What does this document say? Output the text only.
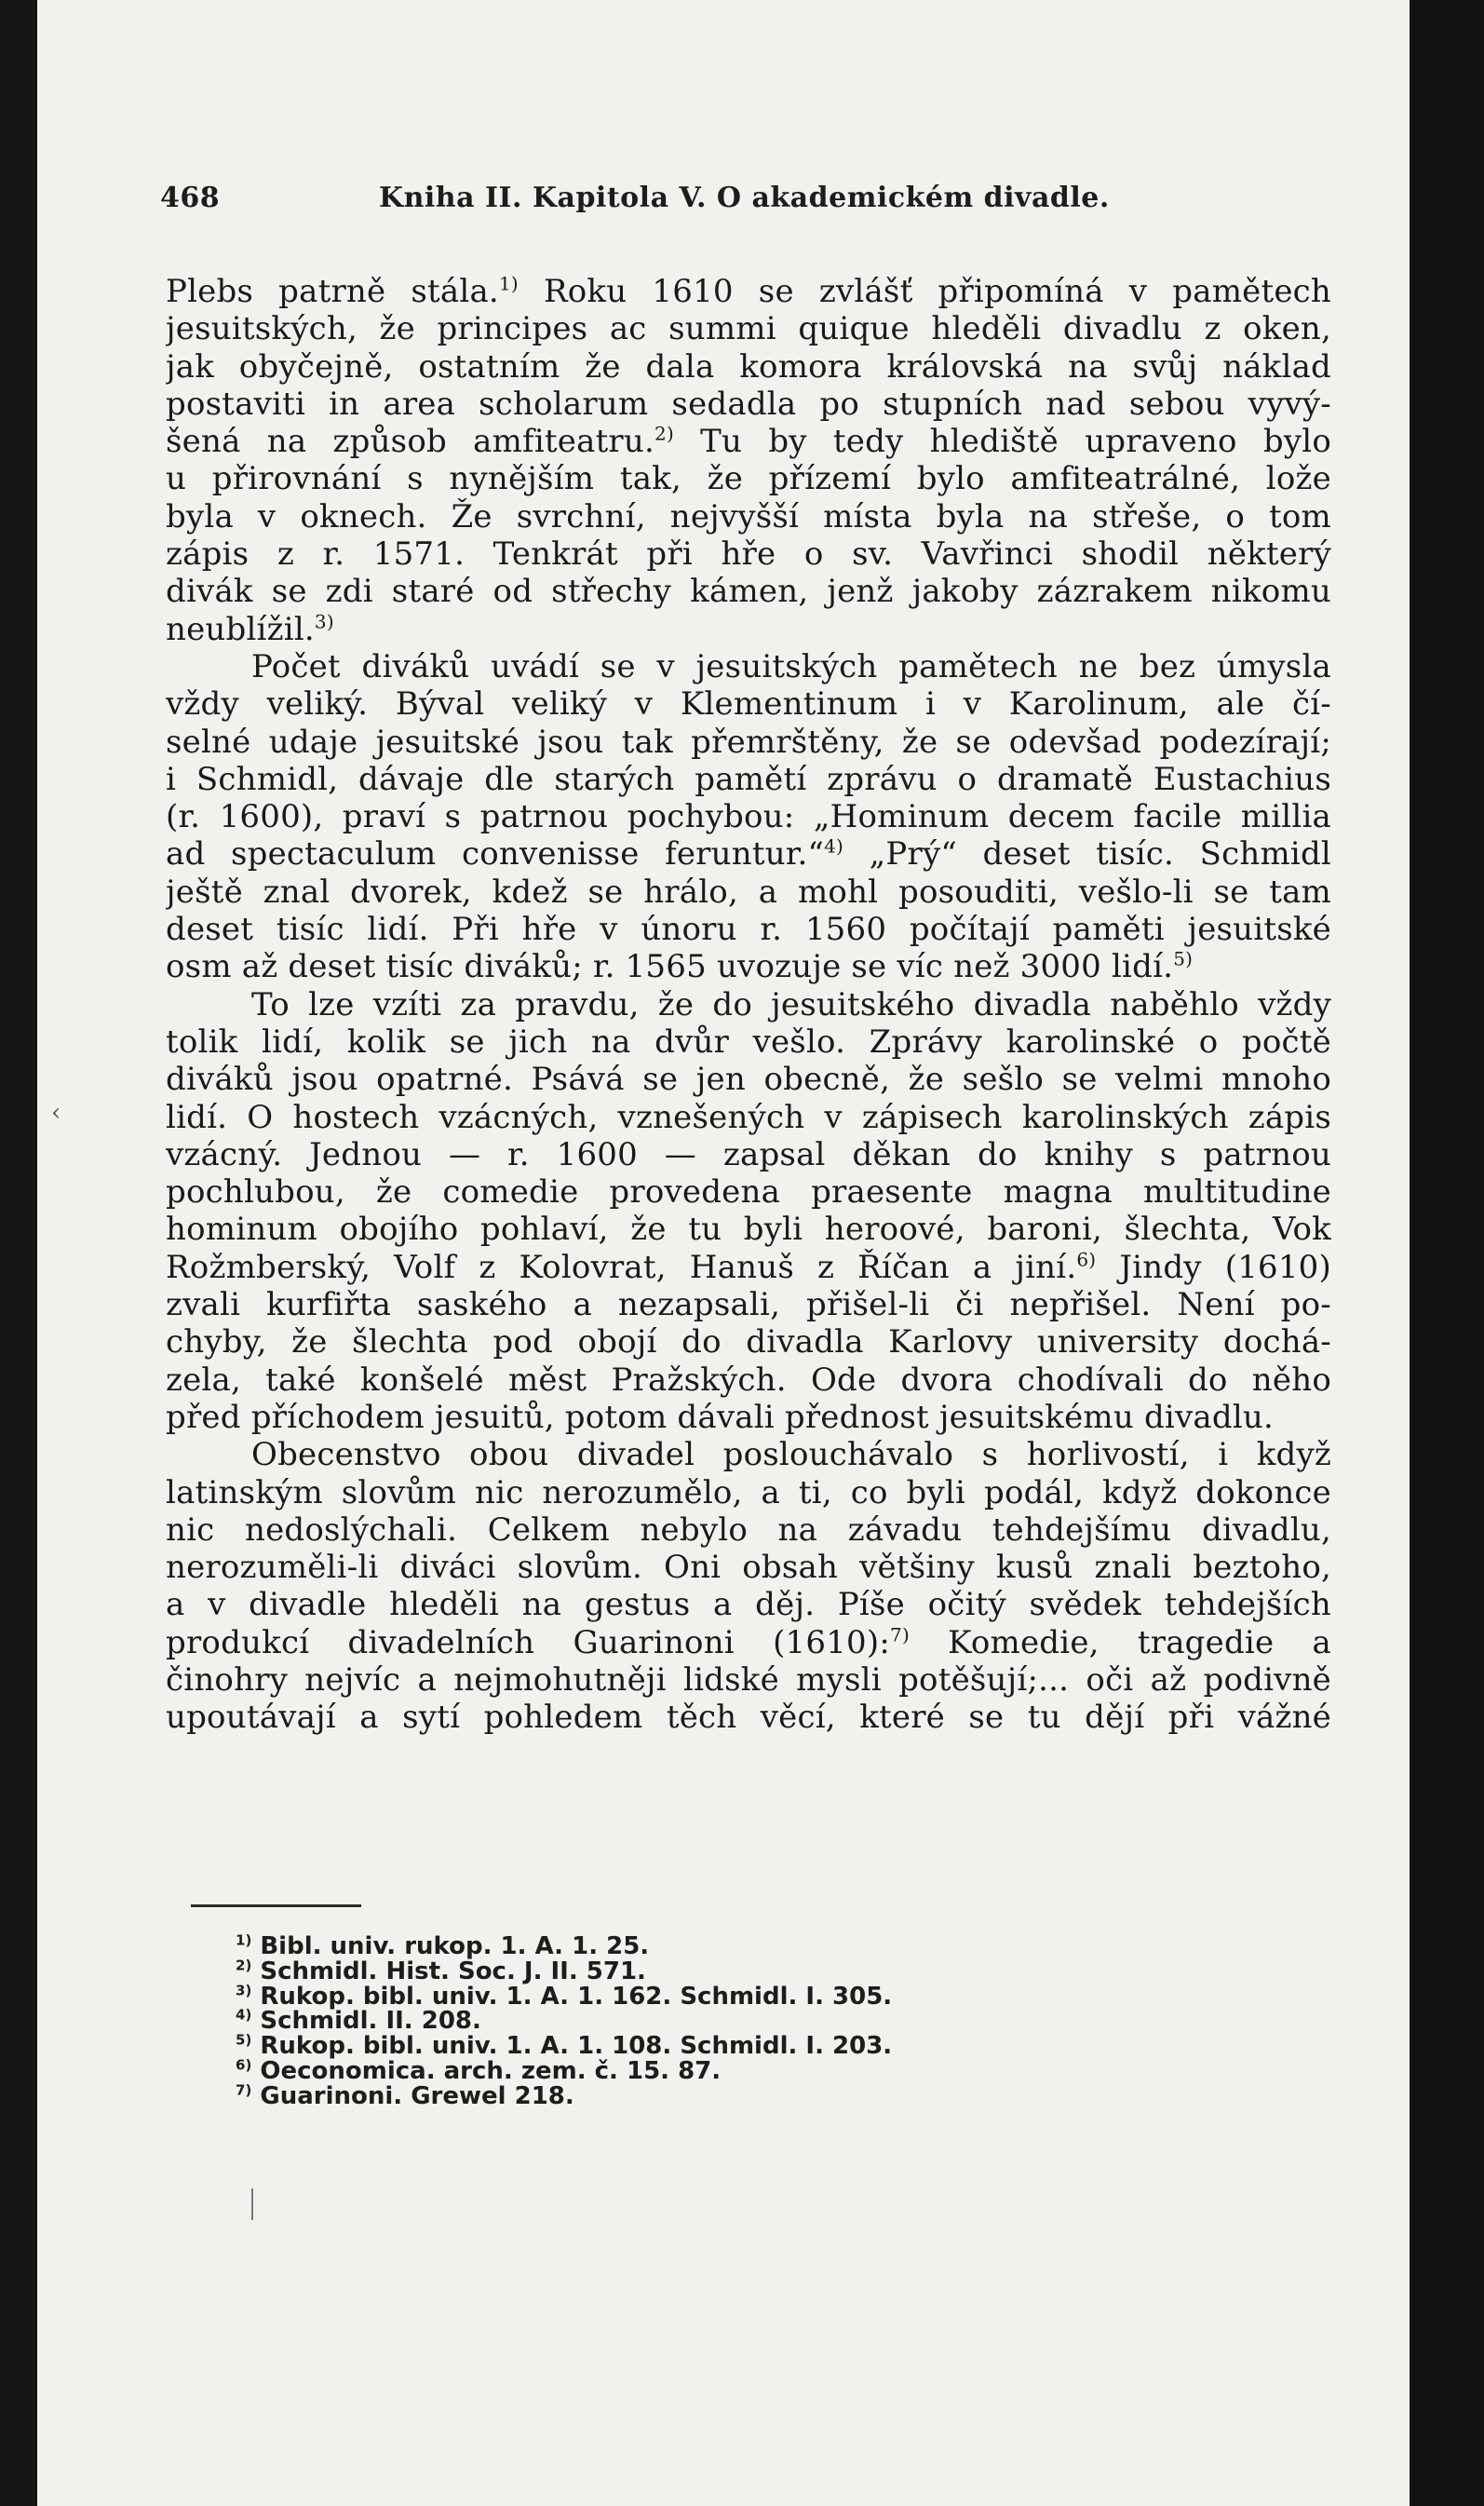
468	Kniha II. Kapitola V. O akademickém divadle.
Plebs patrně stála.$^{1)}$ Roku 1610 se zvlášť připomíná v pamětech
jesuitských, že principes ac summi quique hleděli divadlu z oken,
jak obyčejně, ostatním že dala komora královská na svůj náklad
postaviti in area scholarum sedadla po stupních nad sebou vyvý-
šená na způsob amfiteatru.$^{2)}$ Tu by tedy hlediště upraveno bylo
u přirovnání s nynějším tak, že přízemí bylo amfiteatrálné, lože
byla v oknech. Že svrchní, nejvyšší místa byla na střeše, o tom
zápis z r. 1571. Tenkrát při hře o sv. Vavřinci shodil některý
divák se zdi staré od střechy kámen, jenž jakoby zázrakem nikomu
neublížil.$^{3)}$
Počet diváků uvádí se v jesuitských pamětech ne bez úmysla
vždy veliký. Býval veliký v Klementinum i v Karolinum, ale čí-
selné udaje jesuitské jsou tak přemrštěny, že se odevšad podezírají;
i Schmidl, dávaje dle starých pamětí zprávu o dramatě Eustachius
(r. 1600), praví s patrnou pochybou: „Hominum decem facile millia
ad spectaculum convenisse feruntur.“$^{4)}$ „Prý“ deset tisíc. Schmidl
ještě znal dvorek, kdež se hrálo, a mohl posouditi, vešlo-li se tam
deset tisíc lidí. Při hře v únoru r. 1560 počítají paměti jesuitské
osm až deset tisíc diváků; r. 1565 uvozuje se víc než 3000 lidí.$^{5)}$
To lze vzíti za pravdu, že do jesuitského divadla naběhlo vždy
tolik lidí, kolik se jich na dvůr vešlo. Zprávy karolinské o počtě
diváků jsou opatrné. Psává se jen obecně, že sešlo se velmi mnoho
lidí. O hostech vzácných, vznešených v zápisech karolinských zápis
vzácný. Jednou — r. 1600 — zapsal děkan do knihy s patrnou
pochlubou, že comedie provedena praesente magna multitudine
hominum obojího pohlaví, že tu byli heroové, baroni, šlechta, Vok
Rožmberský, Volf z Kolovrat, Hanuš z Říčan a jiní.$^{6)}$ Jindy (1610)
zvali kurfiřta saského a nezapsali, přišel-li či nepřišel. Není po-
chyby, že šlechta pod obojí do divadla Karlovy university dochá-
zela, také konšelé měst Pražských. Ode dvora chodívali do něho
před příchodem jesuitů, potom dávali přednost jesuitskému divadlu.
Obecenstvo obou divadel poslouchávalo s horlivostí, i když
latinským slovům nic nerozumělo, a ti, co byli podál, když dokonce
nic nedoslýchali. Celkem nebylo na závadu tehdejšímu divadlu,
nerozuměli-li diváci slovům. Oni obsah většiny kusů znali beztoho,
a v divadle hleděli na gestus a děj. Píše očitý svědek tehdejších
produkcí divadelních Guarinoni (1610):$^{7)}$ Komedie, tragedie a
činohry nejvíc a nejmohutněji lidské mysli potěšují;... oči až podivně
upoutávají a sytí pohledem těch věcí, které se tu dějí při vážné
$^{1)}$ Bibl. univ. rukop. 1. A. 1. 25.
$^{2)}$ Schmidl. Hist. Soc. J. II. 571.
$^{3)}$ Rukop. bibl. univ. 1. A. 1. 162. Schmidl. I. 305.
$^{4)}$ Schmidl. II. 208.
$^{5)}$ Rukop. bibl. univ. 1. A. 1. 108. Schmidl. I. 203.
$^{6)}$ Oeconomica. arch. zem. č. 15. 87.
$^{7)}$ Guarinoni. Grewel 218.
‹
